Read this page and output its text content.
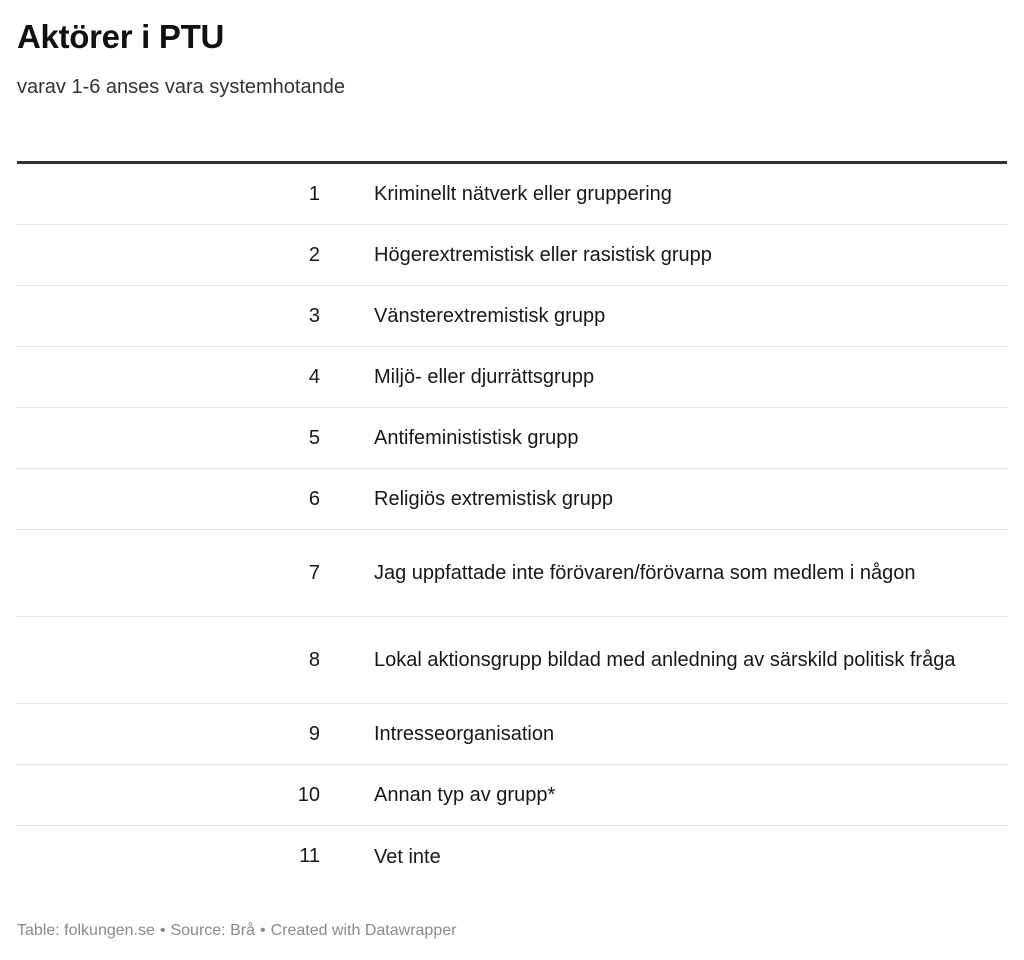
Aktörer i PTU

varav 1-6 anses vara systemhotande

1	Kriminellt nätverk eller gruppering
2	Högerextremistisk eller rasistisk grupp
3	Vänsterextremistisk grupp
4	Miljö- eller djurrättsgrupp
5	Antifeminististisk grupp
6	Religiös extremistisk grupp
7	Jag uppfattade inte förövaren/förövarna som medlem i någon
8	Lokal aktionsgrupp bildad med anledning av särskild politisk fråga
9	Intresseorganisation
10	Annan typ av grupp*
11	Vet inte
Table: folkungen.se • Source: Brå • Created with Datawrapper
